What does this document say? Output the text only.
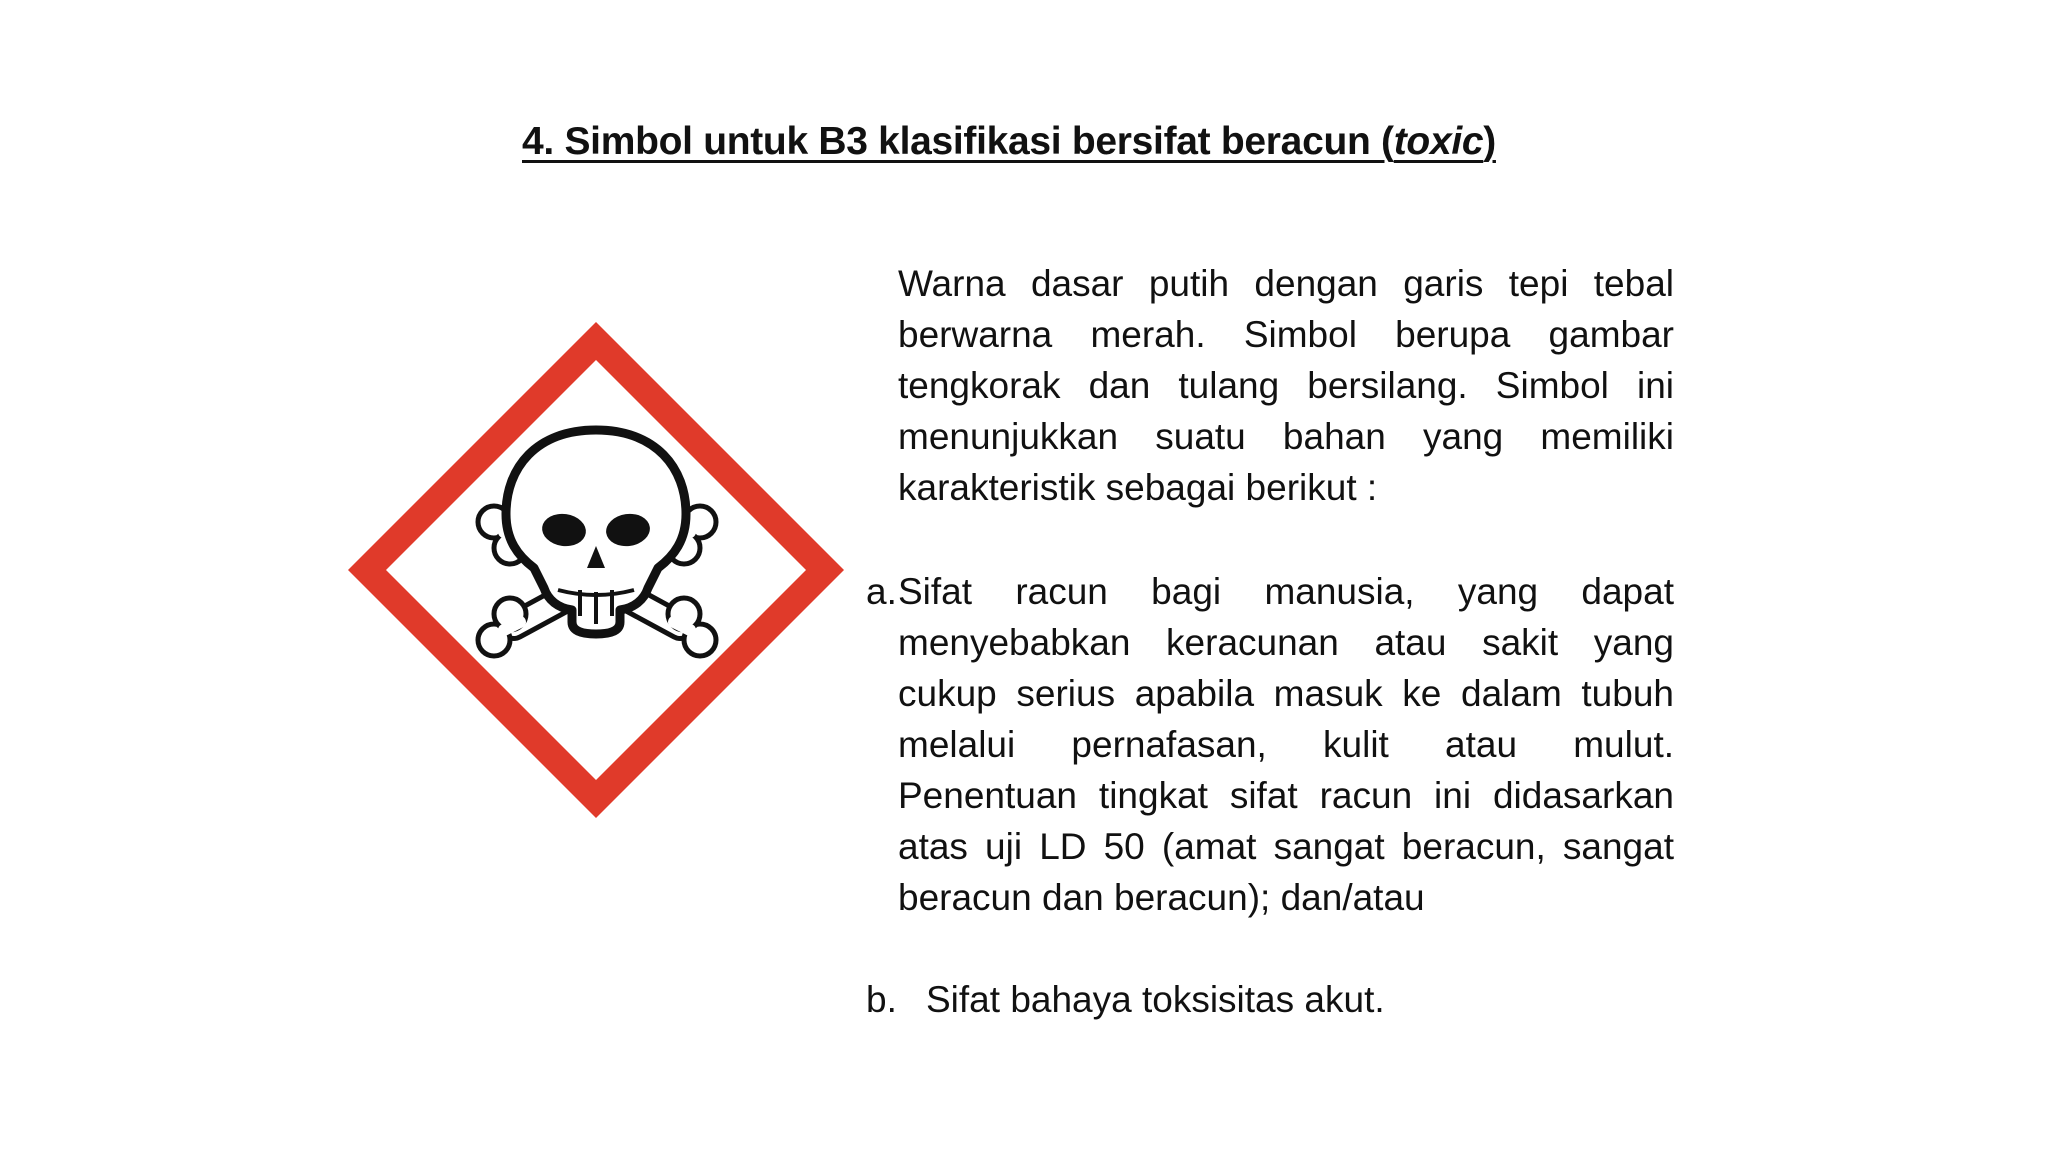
4. Simbol untuk B3 klasifikasi bersifat beracun (toxic)
Warna dasar putih dengan garis tepi tebal berwarna merah. Simbol berupa gambar tengkorak dan tulang bersilang. Simbol ini menunjukkan suatu bahan yang memiliki karakteristik sebagai berikut :
a. Sifat racun bagi manusia, yang dapat menyebabkan keracunan atau sakit yang cukup serius apabila masuk ke dalam tubuh melalui pernafasan, kulit atau mulut. Penentuan tingkat sifat racun ini didasarkan atas uji LD 50 (amat sangat beracun, sangat beracun dan beracun); dan/atau
b. Sifat bahaya toksisitas akut.
